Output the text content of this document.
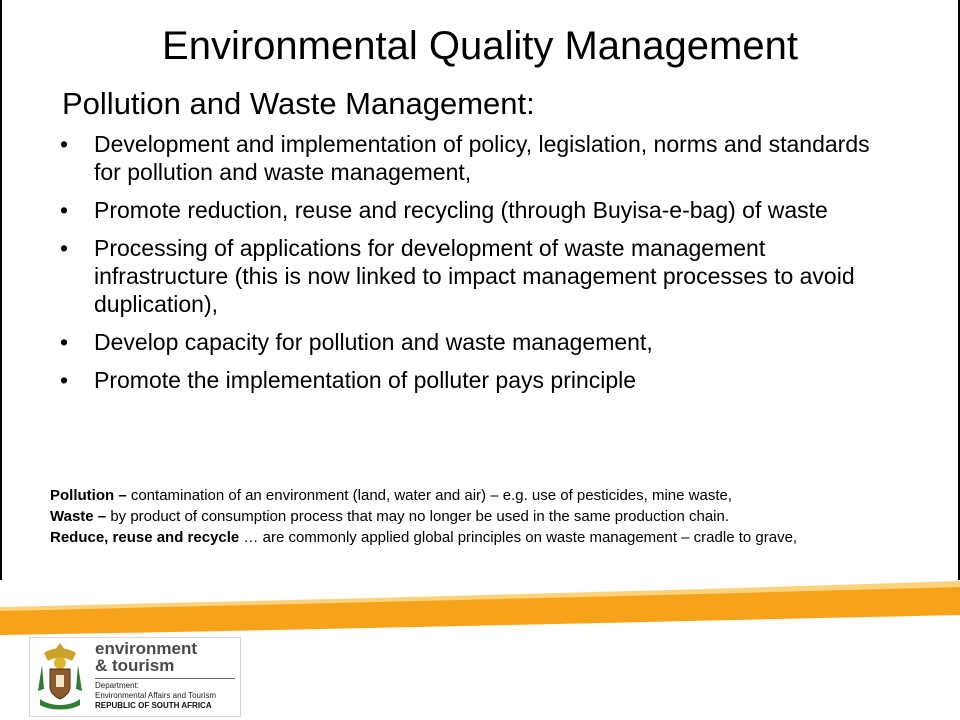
Environmental Quality Management
Pollution and Waste Management:
• Development and implementation of policy, legislation, norms and standards for pollution and waste management,
• Promote reduction, reuse and recycling (through Buyisa-e-bag) of waste
• Processing of applications for development of waste management infrastructure (this is now linked to impact management processes to avoid duplication),
• Develop capacity for pollution and waste management,
• Promote the implementation of polluter pays principle

Pollution – contamination of an environment (land, water and air) – e.g. use of pesticides, mine waste,

Waste – by product of consumption process that may no longer be used in the same production chain.

Reduce, reuse and recycle … are commonly applied global principles on waste management – cradle to grave,

environment
& tourism
Department:
Environmental Affairs and Tourism
REPUBLIC OF SOUTH AFRICA
